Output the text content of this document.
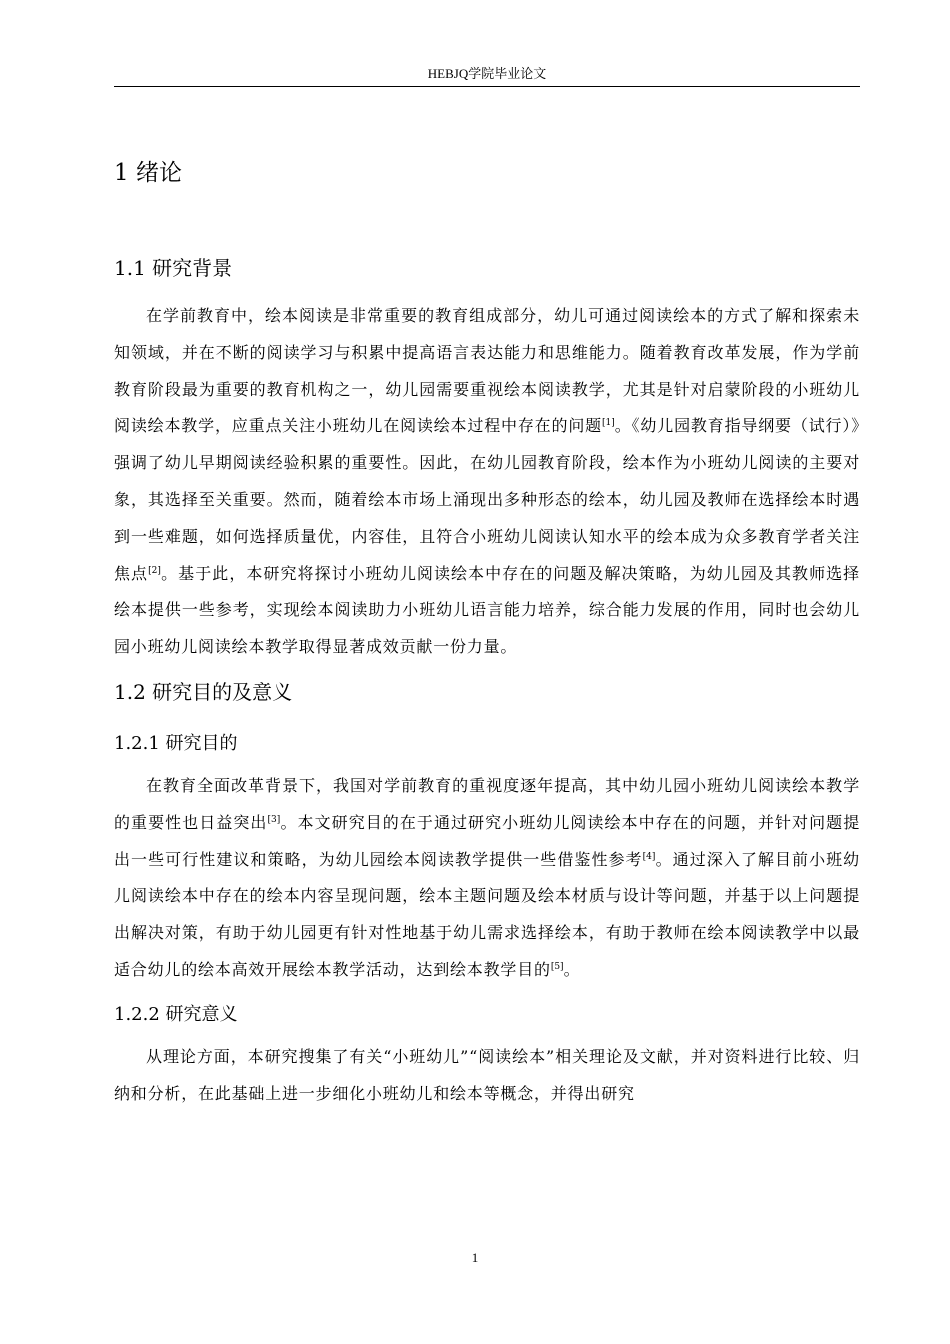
HEBJQ学院毕业论文
1 绪论
1.1 研究背景

在学前教育中，绘本阅读是非常重要的教育组成部分，幼儿可通过阅读绘本的方式了解和探索未知领域，并在不断的阅读学习与积累中提高语言表达能力和思维能力。随着教育改革发展，作为学前教育阶段最为重要的教育机构之一，幼儿园需要重视绘本阅读教学，尤其是针对启蒙阶段的小班幼儿阅读绘本教学，应重点关注小班幼儿在阅读绘本过程中存在的问题[1]。《幼儿园教育指导纲要（试行）》强调了幼儿早期阅读经验积累的重要性。因此，在幼儿园教育阶段，绘本作为小班幼儿阅读的主要对象，其选择至关重要。然而，随着绘本市场上涌现出多种形态的绘本，幼儿园及教师在选择绘本时遇到一些难题，如何选择质量优，内容佳，且符合小班幼儿阅读认知水平的绘本成为众多教育学者关注焦点[2]。基于此，本研究将探讨小班幼儿阅读绘本中存在的问题及解决策略，为幼儿园及其教师选择绘本提供一些参考，实现绘本阅读助力小班幼儿语言能力培养，综合能力发展的作用，同时也会幼儿园小班幼儿阅读绘本教学取得显著成效贡献一份力量。

1.2 研究目的及意义
1.2.1 研究目的

在教育全面改革背景下，我国对学前教育的重视度逐年提高，其中幼儿园小班幼儿阅读绘本教学的重要性也日益突出[3]。本文研究目的在于通过研究小班幼儿阅读绘本中存在的问题，并针对问题提出一些可行性建议和策略，为幼儿园绘本阅读教学提供一些借鉴性参考[4]。通过深入了解目前小班幼儿阅读绘本中存在的绘本内容呈现问题，绘本主题问题及绘本材质与设计等问题，并基于以上问题提出解决对策，有助于幼儿园更有针对性地基于幼儿需求选择绘本，有助于教师在绘本阅读教学中以最适合幼儿的绘本高效开展绘本教学活动，达到绘本教学目的[5]。

1.2.2 研究意义

从理论方面，本研究搜集了有关“小班幼儿”“阅读绘本”相关理论及文献，并对资料进行比较、归纳和分析，在此基础上进一步细化小班幼儿和绘本等概念，并得出研究

1
